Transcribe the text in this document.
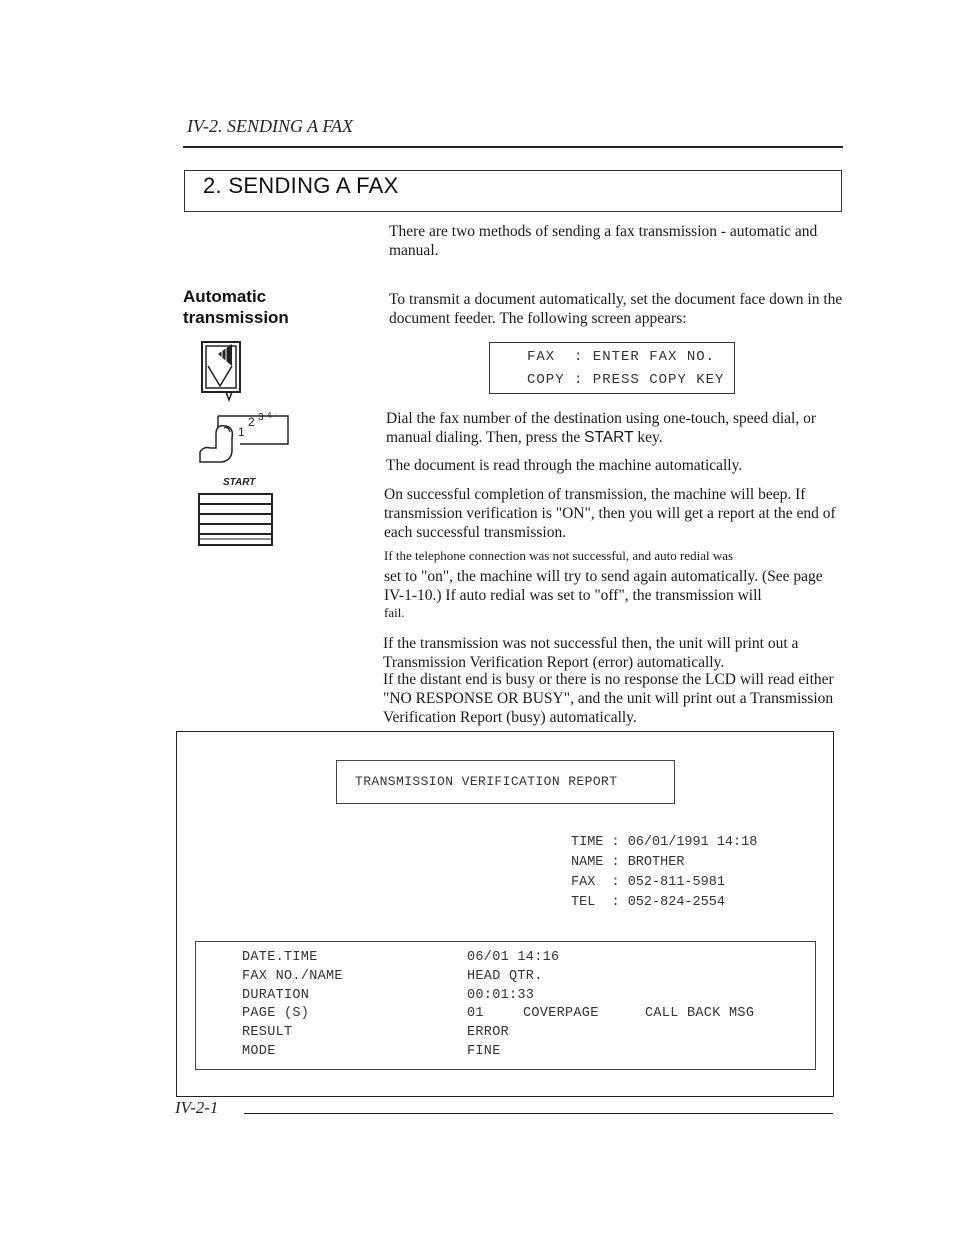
IV-2. SENDING A FAX
2. SENDING A FAX
There are two methods of sending a fax transmission - automatic and manual.
Automatic
transmission
1
2 3 4 · ·
START
To transmit a document automatically, set the document face down in the document feeder. The following screen appears:
FAX  : ENTER FAX NO.
COPY : PRESS COPY KEY
Dial the fax number of the destination using one-touch, speed dial, or manual dialing. Then, press the START key.
The document is read through the machine automatically.
On successful completion of transmission, the machine will beep. If transmission verification is "ON", then you will get a report at the end of each successful transmission.
If the telephone connection was not successful, and auto redial was
set to "on", the machine will try to send again automatically. (See page IV-1-10.) If auto redial was set to "off", the transmission will
fail.
If the transmission was not successful then, the unit will print out a Transmission Verification Report (error) automatically.
If the distant end is busy or there is no response the LCD will read either "NO RESPONSE OR BUSY", and the unit will print out a Transmission Verification Report (busy) automatically.
TRANSMISSION VERIFICATION REPORT
TIME : 06/01/1991 14:18
NAME : BROTHER
FAX  : 052-811-5981
TEL  : 052-824-2554
DATE.TIME	06/01 14:16
FAX NO./NAME	HEAD QTR.
DURATION	00:01:33
PAGE (S)	01	COVERPAGE	CALL BACK MSG
RESULT	ERROR
MODE	FINE
IV-2-1
